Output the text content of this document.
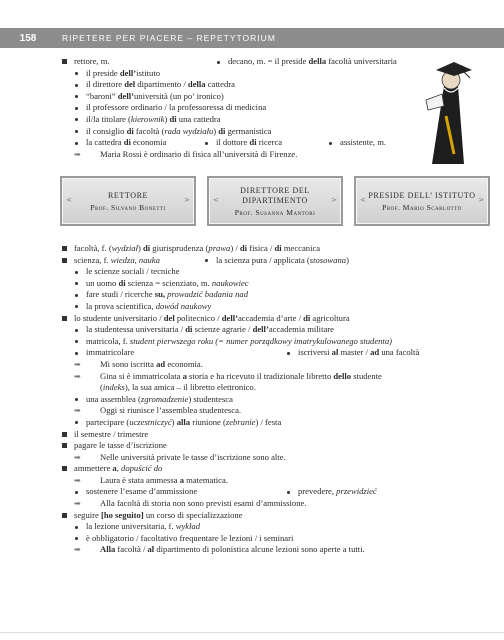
158	RIPETERE PER PIACERE – REPETYTORIUM
rettore, m.	decano, m. = il preside della facoltà universitaria
il preside dell’istituto
il direttore del dipartimento / della cattedra
“baroni” dell’università (un po’ ironico)
il professore ordinario / la professoressa di medicina
il/la titolare (kierownik) di una cattedra
il consiglio di facoltà (rada wydziału) di germanistica
la cattedra di economia	il dottore di ricerca	assistente, m.
➡	Maria Rossi è ordinario di fisica all’università di Firenze.
< RETTORE
Prof. Silvano Bonetti
>
< DIRETTORE DEL DIPARTIMENTO
Prof. Susanna Mantori
>
< PRESIDE DELL’ ISTITUTO
Prof. Mario Scarlotto
>
facoltà, f. (wydział) di giurisprudenza (prawa) / di fisica / di meccanica
scienza, f. wiedza, nauka	la scienza pura / applicata (stosowana)
le scienze sociali / tecniche
un uomo di scienza = scienziato, m. naukowiec
fare studi / ricerche su, prowadzić badania nad
la prova scientifica, dowód naukowy
lo studente universitario / del politecnico / dell’accademia d’arte / di agricoltura
la studentessa universitaria / di scienze agrarie / dell’accademia militare
matricola, f. student pierwszego roku (= numer porządkowy imatrykulowanego studenta)
immatricolare	iscriversi al master / ad una facoltà
➡	Mi sono iscritta ad economia.
➡	Gina si è immatricolata a storia e ha ricevuto il tradizionale libretto dello studente
(indeks), la sua amica – il libretto elettronico.
una assemblea (zgromadzenie) studentesca
➡	Oggi si riunisce l’assemblea studentesca.
partecipare (uczestniczyć) alla riunione (zebranie) / festa
il semestre / trimestre
pagare le tasse d’iscrizione
➡	Nelle università private le tasse d’iscrizione sono alte.
ammettere a, dopuścić do
➡	Laura è stata ammessa a matematica.
sostenere l’esame d’ammissione	prevedere, przewidzieć
➡	Alla facoltà di storia non sono previsti esami d’ammissione.
seguire [ho seguito] un corso di specializzazione
la lezione universitaria, f. wykład
è obbligatorio / facoltativo frequentare le lezioni / i seminari
➡	Alla facoltà / al dipartimento di polonistica alcune lezioni sono aperte a tutti.
